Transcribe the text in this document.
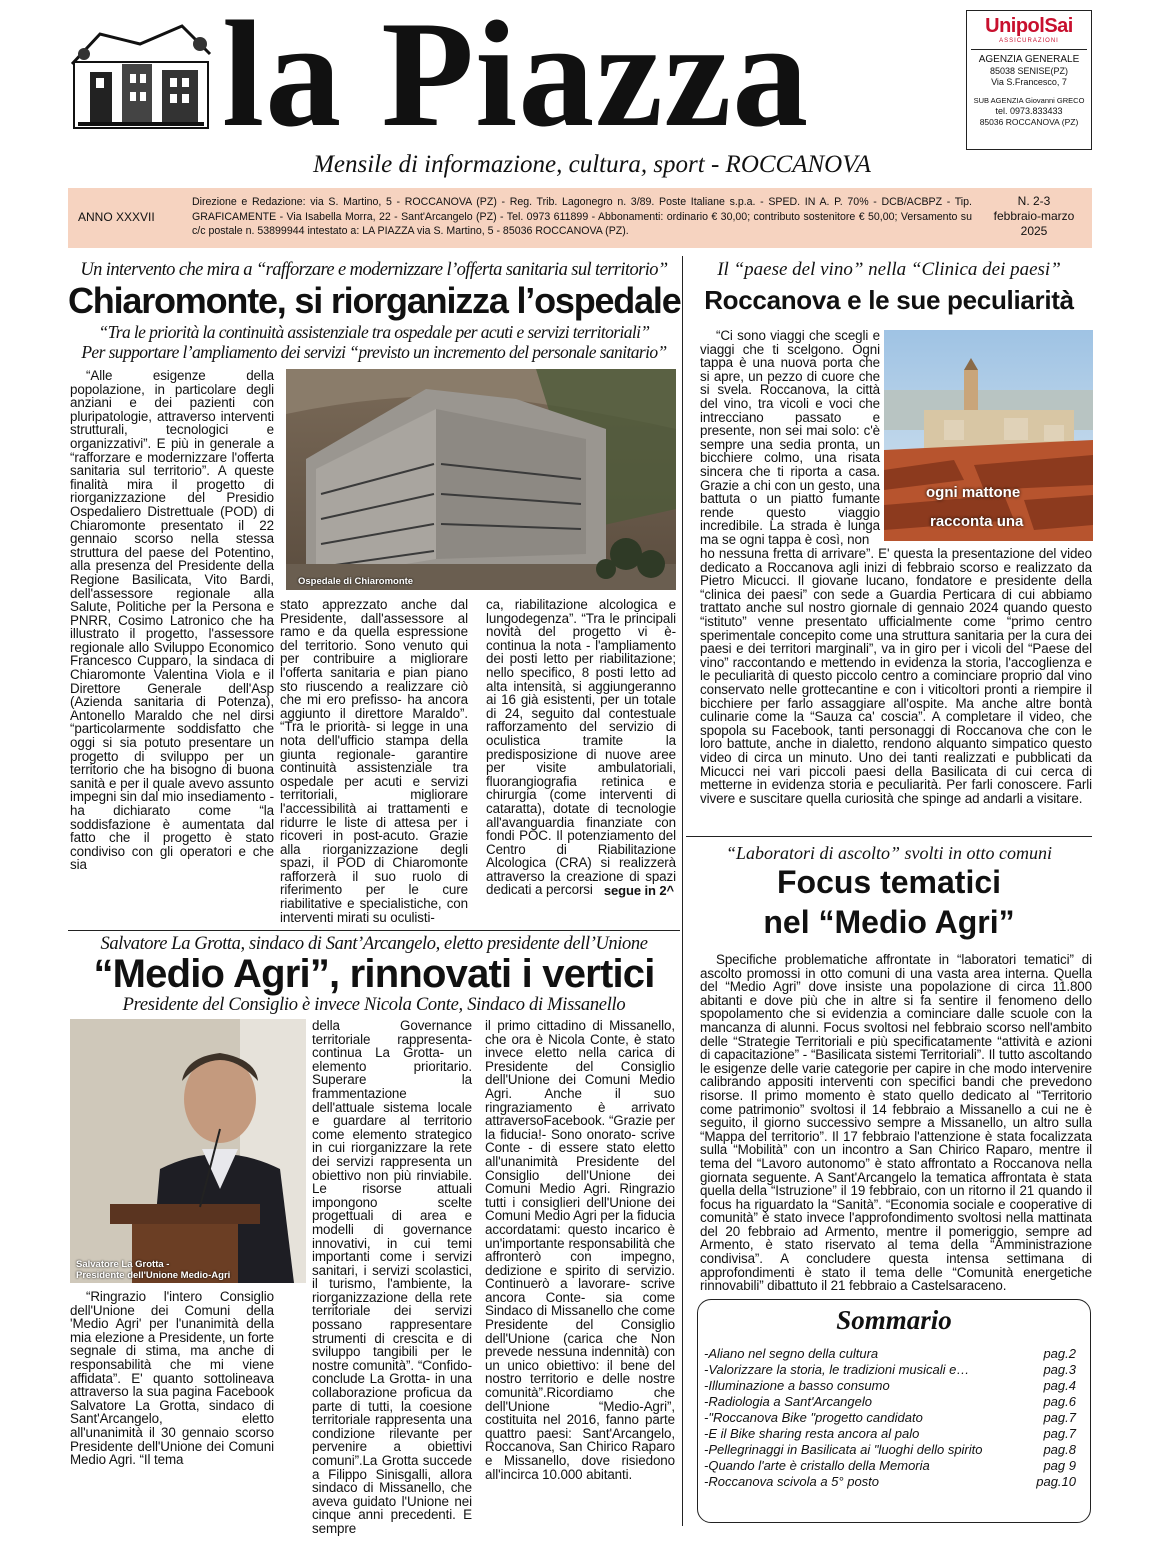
la Piazza
Mensile di informazione, cultura, sport - ROCCANOVA
UnipolSai
ASSICURAZIONI
AGENZIA GENERALE
85038 SENISE(PZ)
Via S.Francesco, 7
SUB AGENZIA Giovanni GRECO
tel. 0973.833433
85036 ROCCANOVA (PZ)
ANNO XXXVII
Direzione e Redazione: via S. Martino, 5 - ROCCANOVA (PZ) - Reg. Trib. Lagonegro n. 3/89. Poste Italiane s.p.a. - SPED. IN A. P. 70% - DCB/ACBPZ - Tip. GRAFICAMENTE - Via Isabella Morra, 22 - Sant'Arcangelo (PZ) - Tel. 0973 611899 - Abbonamenti: ordinario € 30,00; contributo sostenitore € 50,00; Versamento su c/c postale n. 53899944 intestato a: LA PIAZZA via S. Martino, 5 - 85036 ROCCANOVA (PZ).
N. 2-3
febbraio-marzo
2025
Un intervento che mira a “rafforzare e modernizzare l’offerta sanitaria sul territorio”
Chiaromonte, si riorganizza l’ospedale
“Tra le priorità la continuità assistenziale tra ospedale per acuti e servizi territoriali”
Per supportare l’ampliamento dei servizi “previsto un incremento del personale sanitario”
Ospedale di Chiaromonte

“Alle esigenze della popolazione, in particolare degli anziani e dei pazienti con pluripatologie, attraverso interventi strutturali, tecnologici e organizzativi”. E più in generale a “rafforzare e modernizzare l'offerta sanitaria sul territorio”. A queste finalità mira il progetto di riorganizzazione del Presidio Ospedaliero Distrettuale (POD) di Chiaromonte presentato il 22 gennaio scorso nella stessa struttura del paese del Potentino, alla presenza del Presidente della Regione Basilicata, Vito Bardi, dell'assessore regionale alla Salute, Politiche per la Persona e PNRR, Cosimo Latronico che ha illustrato il progetto, l'assessore regionale allo Sviluppo Economico Francesco Cupparo, la sindaca di Chiaromonte Valentina Viola e il Direttore Generale dell'Asp (Azienda sanitaria di Potenza), Antonello Maraldo che nel dirsi “particolarmente soddisfatto che oggi si sia potuto presentare un progetto di sviluppo per un territorio che ha bisogno di buona sanità e per il quale avevo assunto impegni sin dal mio insediamento - ha dichiarato come “la soddisfazione è aumentata dal fatto che il progetto è stato condiviso con gli operatori e che sia

stato apprezzato anche dal Presidente, dall'assessore al ramo e da quella espressione del territorio. Sono venuto qui per contribuire a migliorare l'offerta sanitaria e pian piano sto riuscendo a realizzare ciò che mi ero prefisso- ha ancora aggiunto il direttore Maraldo”. “Tra le priorità- si legge in una nota dell'ufficio stampa della giunta regionale- garantire continuità assistenziale tra ospedale per acuti e servizi territoriali, migliorare l'accessibilità ai trattamenti e ridurre le liste di attesa per i ricoveri in post-acuto. Grazie alla riorganizzazione degli spazi, il POD di Chiaromonte rafforzerà il suo ruolo di riferimento per le cure riabilitative e specialistiche, con interventi mirati su oculisti-

ca, riabilitazione alcologica e lungodegenza”. “Tra le principali novità del progetto vi è- continua la nota - l'ampliamento dei posti letto per riabilitazione; nello specifico, 8 posti letto ad alta intensità, si aggiungeranno ai 16 già esistenti, per un totale di 24, seguito dal contestuale rafforzamento del servizio di oculistica tramite la predisposizione di nuove aree per visite ambulatoriali, fluorangiografia retinica e chirurgia (come interventi di cataratta), dotate di tecnologie all'avanguardia finanziate con fondi POC. Il potenziamento del Centro di Riabilitazione Alcologica (CRA) si realizzerà attraverso la creazione di spazi dedicati a percorsi segue in 2^
Il “paese del vino” nella “Clinica dei paesi”
Roccanova e le sue peculiarità
ogni mattone
racconta una

“Ci sono viaggi che scegli e viaggi che ti scelgono. Ogni tappa è una nuova porta che si apre, un pezzo di cuore che si svela. Roccanova, la città del vino, tra vicoli e voci che intrecciano passato e presente, non sei mai solo: c'è sempre una sedia pronta, un bicchiere colmo, una risata sincera che ti riporta a casa. Grazie a chi con un gesto, una battuta o un piatto fumante rende questo viaggio incredibile. La strada è lunga ma se ogni tappa è così, non

ho nessuna fretta di arrivare”. E' questa la presentazione del video dedicato a Roccanova agli inizi di febbraio scorso e realizzato da Pietro Micucci. Il giovane lucano, fondatore e presidente della “clinica dei paesi” con sede a Guardia Perticara di cui abbiamo trattato anche sul nostro giornale di gennaio 2024 quando questo “istituto” venne presentato ufficialmente come “primo centro sperimentale concepito come una struttura sanitaria per la cura dei paesi e dei territori marginali”, va in giro per i vicoli del “Paese del vino” raccontando e mettendo in evidenza la storia, l'accoglienza e le peculiarità di questo piccolo centro a cominciare proprio dal vino conservato nelle grottecantine e con i viticoltori pronti a riempire il bicchiere per farlo assaggiare all'ospite. Ma anche altre bontà culinarie come la “Sauza ca' coscia”. A completare il video, che spopola su Facebook, tanti personaggi di Roccanova che con le loro battute, anche in dialetto, rendono alquanto simpatico questo video di circa un minuto. Uno dei tanti realizzati e pubblicati da Micucci nei vari piccoli paesi della Basilicata di cui cerca di metterne in evidenza storia e peculiarità. Per farli conoscere. Farli vivere e suscitare quella curiosità che spinge ad andarli a visitare.

“Laboratori di ascolto” svolti in otto comuni
Focus tematici
nel “Medio Agri”

Specifiche problematiche affrontate in “laboratori tematici” di ascolto promossi in otto comuni di una vasta area interna. Quella del “Medio Agri” dove insiste una popolazione di circa 11.800 abitanti e dove più che in altre si fa sentire il fenomeno dello spopolamento che si evidenzia a cominciare dalle scuole con la mancanza di alunni. Focus svoltosi nel febbraio scorso nell'ambito delle “Strategie Territoriali e più specificatamente “attività e azioni di capacitazione” - “Basilicata sistemi Territoriali”. Il tutto ascoltando le esigenze delle varie categorie per capire in che modo intervenire calibrando appositi interventi con specifici bandi che prevedono risorse. Il primo momento è stato quello dedicato al “Territorio come patrimonio” svoltosi il 14 febbraio a Missanello a cui ne è seguito, il giorno successivo sempre a Missanello, un altro sulla “Mappa del territorio”. Il 17 febbraio l'attenzione è stata focalizzata sulla “Mobilità” con un incontro a San Chirico Raparo, mentre il tema del “Lavoro autonomo” è stato affrontato a Roccanova nella giornata seguente. A Sant'Arcangelo la tematica affrontata è stata quella della “Istruzione” il 19 febbraio, con un ritorno il 21 quando il focus ha riguardato la “Sanità”. “Economia sociale e cooperative di comunità” è stato invece l'approfondimento svoltosi nella mattinata del 20 febbraio ad Armento, mentre il pomeriggio, sempre ad Armento, è stato riservato al tema della “Amministrazione condivisa”. A concludere questa intensa settimana di approfondimenti è stato il tema delle “Comunità energetiche rinnovabili” dibattuto il 21 febbraio a Castelsaraceno.

Sommario
-Aliano nel segno della cultura	pag.2
-Valorizzare la storia, le tradizioni musicali e…	pag.3
-Illuminazione a basso consumo	pag.4
-Radiologia a Sant'Arcangelo	pag.6
-"Roccanova Bike "progetto candidato	pag.7
-E il Bike sharing resta ancora al palo	pag.7
-Pellegrinaggi in Basilicata ai "luoghi dello spirito	pag.8
-Quando l'arte è cristallo della Memoria	pag 9
-Roccanova scivola a 5° posto	pag.10
Salvatore La Grotta, sindaco di Sant’Arcangelo, eletto presidente dell’Unione
“Medio Agri”, rinnovati i vertici
Presidente del Consiglio è invece Nicola Conte, Sindaco di Missanello
Salvatore La Grotta -
Presidente dell'Unione Medio-Agri

“Ringrazio l'intero Consiglio dell'Unione dei Comuni della 'Medio Agri' per l'unanimità della mia elezione a Presidente, un forte segnale di stima, ma anche di responsabilità che mi viene affidata”. E' quanto sottolineava attraverso la sua pagina Facebook Salvatore La Grotta, sindaco di Sant'Arcangelo, eletto all'unanimità il 30 gennaio scorso Presidente dell'Unione dei Comuni Medio Agri. “Il tema

della Governance territoriale rappresenta- continua La Grotta- un elemento prioritario. Superare la frammentazione dell'attuale sistema locale e guardare al territorio come elemento strategico in cui riorganizzare la rete dei servizi rappresenta un obiettivo non più rinviabile. Le risorse attuali impongono scelte progettuali di area e modelli di governance innovativi, in cui temi importanti come i servizi sanitari, i servizi scolastici, il turismo, l'ambiente, la riorganizzazione della rete territoriale dei servizi possano rappresentare strumenti di crescita e di sviluppo tangibili per le nostre comunità”. “Confido- conclude La Grotta- in una collaborazione proficua da parte di tutti, la coesione territoriale rappresenta una condizione rilevante per pervenire a obiettivi comuni”.La Grotta succede a Filippo Sinisgalli, allora sindaco di Missanello, che aveva guidato l'Unione nei cinque anni precedenti. E sempre

il primo cittadino di Missanello, che ora è Nicola Conte, è stato invece eletto nella carica di Presidente del Consiglio dell'Unione dei Comuni Medio Agri. Anche il suo ringraziamento è arrivato attraversoFacebook. “Grazie per la fiducia!- Sono onorato- scrive Conte - di essere stato eletto all'unanimità Presidente del Consiglio dell'Unione dei Comuni Medio Agri. Ringrazio tutti i consiglieri dell'Unione dei Comuni Medio Agri per la fiducia accordatami: questo incarico è un'importante responsabilità che affronterò con impegno, dedizione e spirito di servizio. Continuerò a lavorare- scrive ancora Conte- sia come Sindaco di Missanello che come Presidente del Consiglio dell'Unione (carica che Non prevede nessuna indennità) con un unico obiettivo: il bene del nostro territorio e delle nostre comunità”.Ricordiamo che dell'Unione “Medio-Agri”, costituita nel 2016, fanno parte quattro paesi: Sant'Arcangelo, Roccanova, San Chirico Raparo e Missanello, dove risiedono all'incirca 10.000 abitanti.
